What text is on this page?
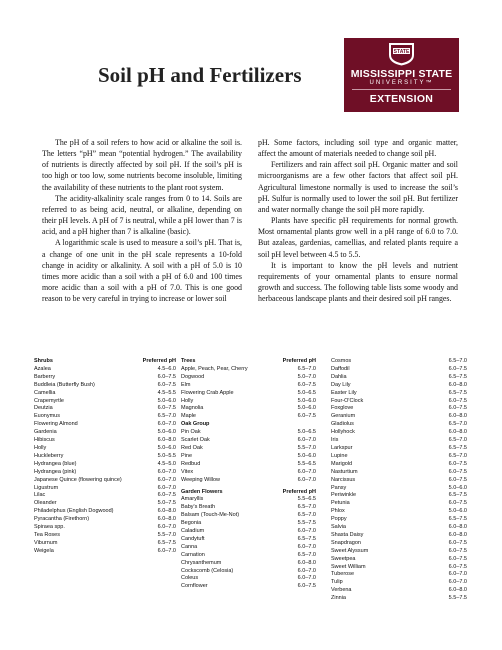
Soil pH and Fertilizers
STATE
MISSISSIPPI STATE
UNIVERSITY™
EXTENSION

The pH of a soil refers to how acid or alkaline the soil is. The letters “pH” mean “potential hydrogen.” The availability of nutrients is directly affected by soil pH. If the soil’s pH is too high or too low, some nutrients become insoluble, limiting the availability of these nutrients to the plant root system.

The acidity-alkalinity scale ranges from 0 to 14. Soils are referred to as being acid, neutral, or alkaline, depending on their pH levels. A pH of 7 is neutral, while a pH lower than 7 is acid, and a pH higher than 7 is alkaline (basic).

A logarithmic scale is used to measure a soil’s pH. That is, a change of one unit in the pH scale represents a 10-fold change in acidity or alkalinity. A soil with a pH of 5.0 is 10 times more acidic than a soil with a pH of 6.0 and 100 times more acidic than a soil with a pH of 7.0. This is one good reason to be very careful in trying to increase or lower soil

pH. Some factors, including soil type and organic matter, affect the amount of materials needed to change soil pH.

Fertilizers and rain affect soil pH. Organic matter and soil microorganisms are a few other factors that affect soil pH. Agricultural limestone normally is used to increase the soil’s pH. Sulfur is normally used to lower the soil pH. But fertilizer and water normally change the soil pH more rapidly.

Plants have specific pH requirements for normal growth. Most ornamental plants grow well in a pH range of 6.0 to 7.0. But azaleas, gardenias, camellias, and related plants require a soil pH level between 4.5 to 5.5.

It is important to know the pH levels and nutrient requirements of your ornamental plants to ensure normal growth and success. The following table lists some woody and herbaceous landscape plants and their desired soil pH ranges.

Shrubs	Preferred pH
Azalea	4.5–6.0
Barberry	6.0–7.5
Buddleia (Butterfly Bush)	6.0–7.5
Camellia	4.5–5.5
Crapemyrtle	5.0–6.0
Deutzia	6.0–7.5
Euonymus	6.5–7.0
Flowering Almond	6.0–7.0
Gardenia	5.0–6.0
Hibiscus	6.0–8.0
Holly	5.0–6.0
Huckleberry	5.0–5.5
Hydrangea (blue)	4.5–5.0
Hydrangea (pink)	6.0–7.0
Japanese Quince (flowering quince)	6.0–7.0
Ligustrum	6.0–7.0
Lilac	6.0–7.5
Oleander	5.0–7.5
Philadelphus (English Dogwood)	6.0–8.0
Pyracantha (Firethorn)	6.0–8.0
Spiraea spp.	6.0–7.0
Tea Roses	5.5–7.0
Viburnum	6.5–7.5
Weigela	6.0–7.0
Trees	Preferred pH
Apple, Peach, Pear, Cherry	6.5–7.0
Dogwood	5.0–7.0
Elm	6.0–7.5
Flowering Crab Apple	5.0–6.5
Holly	5.0–6.0
Magnolia	5.0–6.0
Maple	6.0–7.5
Oak Group
Pin Oak	5.0–6.5
Scarlet Oak	6.0–7.0
Red Oak	5.5–7.0
Pine	5.0–6.0
Redbud	5.5–6.5
Vitex	6.0–7.0
Weeping Willow	6.0–7.0
Garden Flowers	Preferred pH
Amaryllis	5.5–6.5
Baby's Breath	6.5–7.0
Balsam (Touch-Me-Not)	6.5–7.0
Begonia	5.5–7.5
Caladium	6.0–7.0
Candytuft	6.5–7.5
Canna	6.0–7.0
Carnation	6.5–7.0
Chrysanthemum	6.0–8.0
Cockscomb (Celosia)	6.0–7.0
Coleus	6.0–7.0
Cornflower	6.0–7.5
Cosmos	6.5–7.0
Daffodil	6.0–7.5
Dahlia	6.5–7.5
Day Lily	6.0–8.0
Easter Lily	6.5–7.5
Four-O'Clock	6.0–7.5
Foxglove	6.0–7.5
Geranium	6.0–8.0
Gladiolus	6.5–7.0
Hollyhock	6.0–8.0
Iris	6.5–7.0
Larkspur	6.5–7.5
Lupine	6.5–7.0
Marigold	6.0–7.5
Nasturtium	6.0–7.5
Narcissus	6.0–7.5
Pansy	5.0–6.0
Periwinkle	6.5–7.5
Petunia	6.0–7.5
Phlox	5.0–6.0
Poppy	6.5–7.5
Salvia	6.0–8.0
Shasta Daisy	6.0–8.0
Snapdragon	6.0–7.5
Sweet Alyssum	6.0–7.5
Sweetpea	6.0–7.5
Sweet William	6.0–7.5
Tuberose	6.0–7.0
Tulip	6.0–7.0
Verbena	6.0–8.0
Zinnia	5.5–7.5
